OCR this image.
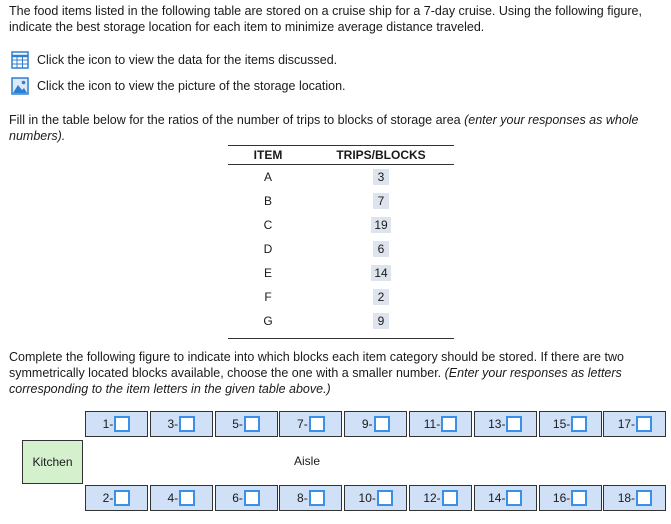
The food items listed in the following table are stored on a cruise ship for a 7-day cruise. Using the following figure, indicate the best storage location for each item to minimize average distance traveled.
Click the icon to view the data for the items discussed.
Click the icon to view the picture of the storage location.
Fill in the table below for the ratios of the number of trips to blocks of storage area (enter your responses as whole numbers).
ITEM	TRIPS/BLOCKS
A	3
B	7
C	19
D	6
E	14
F	2
G	9
Complete the following figure to indicate into which blocks each item category should be stored. If there are two symmetrically located blocks available, choose the one with a smaller number. (Enter your responses as letters corresponding to the item letters in the given table above.)
1-	3-	5-	7-	9-	11-	13-	15-	17-
Kitchen	Aisle
2-	4-	6-	8-	10-	12-	14-	16-	18-
